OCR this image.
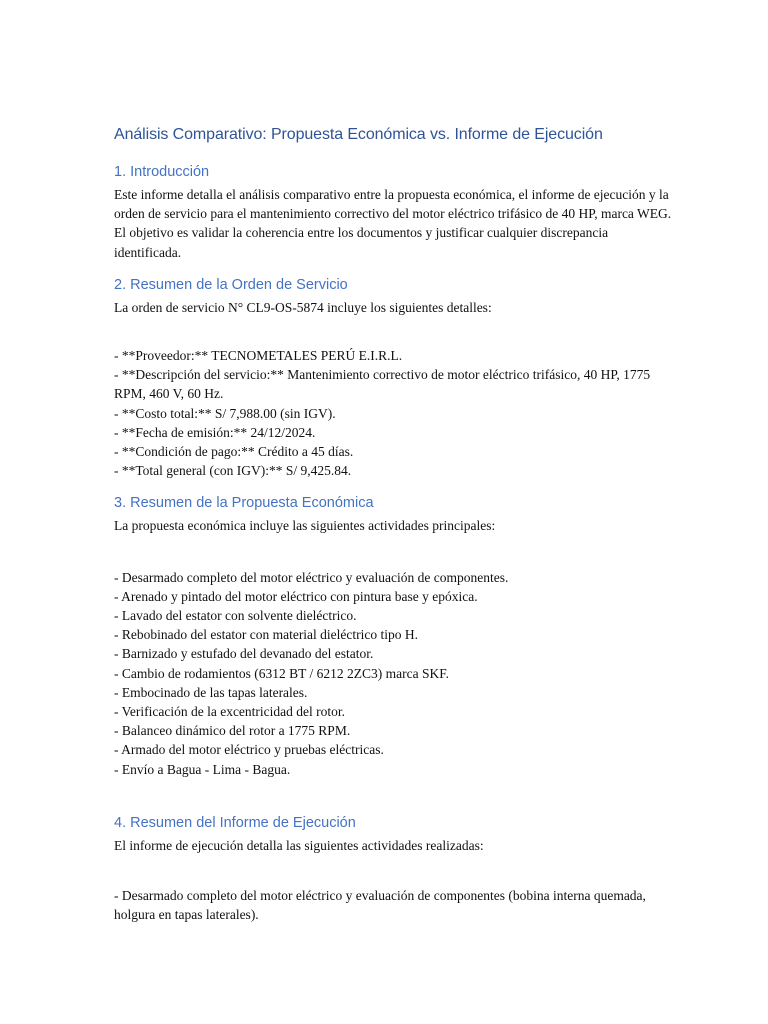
Análisis Comparativo: Propuesta Económica vs. Informe de Ejecución
1. Introducción

Este informe detalla el análisis comparativo entre la propuesta económica, el informe de ejecución y la orden de servicio para el mantenimiento correctivo del motor eléctrico trifásico de 40 HP, marca WEG. El objetivo es validar la coherencia entre los documentos y justificar cualquier discrepancia identificada.

2. Resumen de la Orden de Servicio

La orden de servicio N° CL9-OS-5874 incluye los siguientes detalles:

- **Proveedor:** TECNOMETALES PERÚ E.I.R.L.
- **Descripción del servicio:** Mantenimiento correctivo de motor eléctrico trifásico, 40 HP, 1775 RPM, 460 V, 60 Hz.
- **Costo total:** S/ 7,988.00 (sin IGV).
- **Fecha de emisión:** 24/12/2024.
- **Condición de pago:** Crédito a 45 días.
- **Total general (con IGV):** S/ 9,425.84.
3. Resumen de la Propuesta Económica

La propuesta económica incluye las siguientes actividades principales:

- Desarmado completo del motor eléctrico y evaluación de componentes.
- Arenado y pintado del motor eléctrico con pintura base y epóxica.
- Lavado del estator con solvente dieléctrico.
- Rebobinado del estator con material dieléctrico tipo H.
- Barnizado y estufado del devanado del estator.
- Cambio de rodamientos (6312 BT / 6212 2ZC3) marca SKF.
- Embocinado de las tapas laterales.
- Verificación de la excentricidad del rotor.
- Balanceo dinámico del rotor a 1775 RPM.
- Armado del motor eléctrico y pruebas eléctricas.
- Envío a Bagua - Lima - Bagua.
4. Resumen del Informe de Ejecución

El informe de ejecución detalla las siguientes actividades realizadas:

- Desarmado completo del motor eléctrico y evaluación de componentes (bobina interna quemada, holgura en tapas laterales).
